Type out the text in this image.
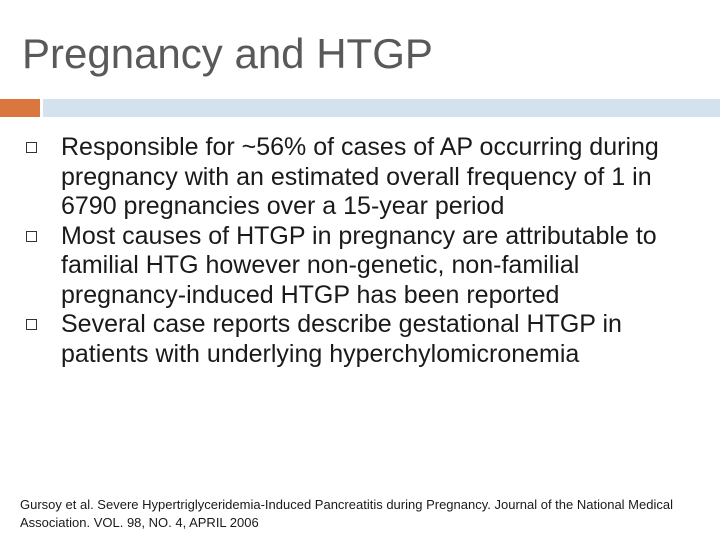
Pregnancy and HTGP
Responsible for ~56% of cases of AP occurring during pregnancy with an estimated overall frequency of 1 in 6790 pregnancies over a 15-year period
Most causes of HTGP in pregnancy are attributable to familial HTG however non-genetic, non-familial pregnancy-induced HTGP has been reported
Several case reports describe gestational HTGP in patients with underlying hyperchylomicronemia
Gursoy et al. Severe Hypertriglyceridemia-Induced Pancreatitis during Pregnancy. Journal of the National Medical Association. VOL. 98, NO. 4, APRIL 2006
